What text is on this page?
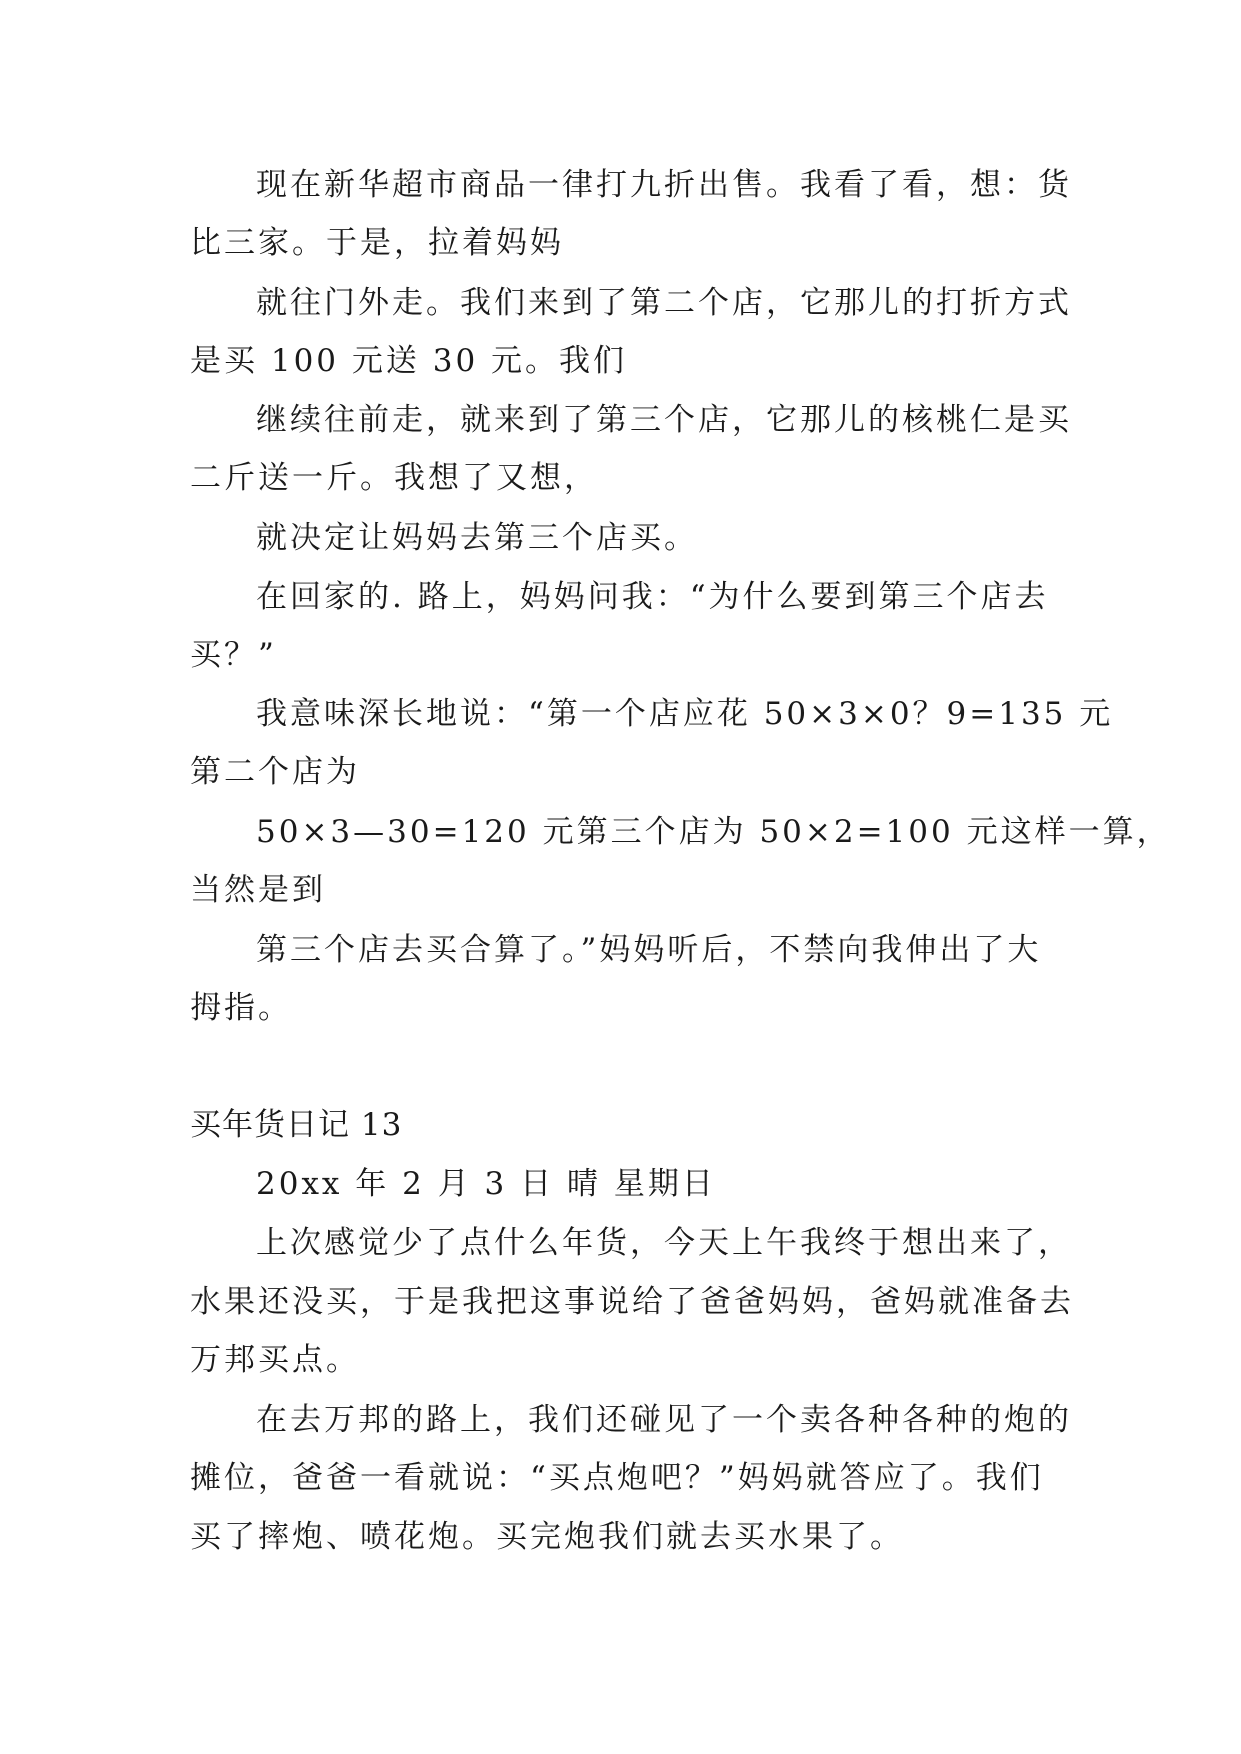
现在新华超市商品一律打九折出售。我看了看，想：货
比三家。于是，拉着妈妈
就往门外走。我们来到了第二个店，它那儿的打折方式
是买 100 元送 30 元。我们
继续往前走，就来到了第三个店，它那儿的核桃仁是买
二斤送一斤。我想了又想，
就决定让妈妈去第三个店买。
在回家的. 路上，妈妈问我：“为什么要到第三个店去
买？”
我意味深长地说：“第一个店应花 50×3×0？9=135 元
第二个店为
50×3—30=120 元第三个店为 50×2=100 元这样一算，
当然是到
第三个店去买合算了。”妈妈听后，不禁向我伸出了大
拇指。
买年货日记 13
20xx 年 2 月 3 日 晴 星期日
上次感觉少了点什么年货，今天上午我终于想出来了，
水果还没买，于是我把这事说给了爸爸妈妈，爸妈就准备去
万邦买点。
在去万邦的路上，我们还碰见了一个卖各种各种的炮的
摊位，爸爸一看就说：“买点炮吧？”妈妈就答应了。我们
买了摔炮、喷花炮。买完炮我们就去买水果了。
